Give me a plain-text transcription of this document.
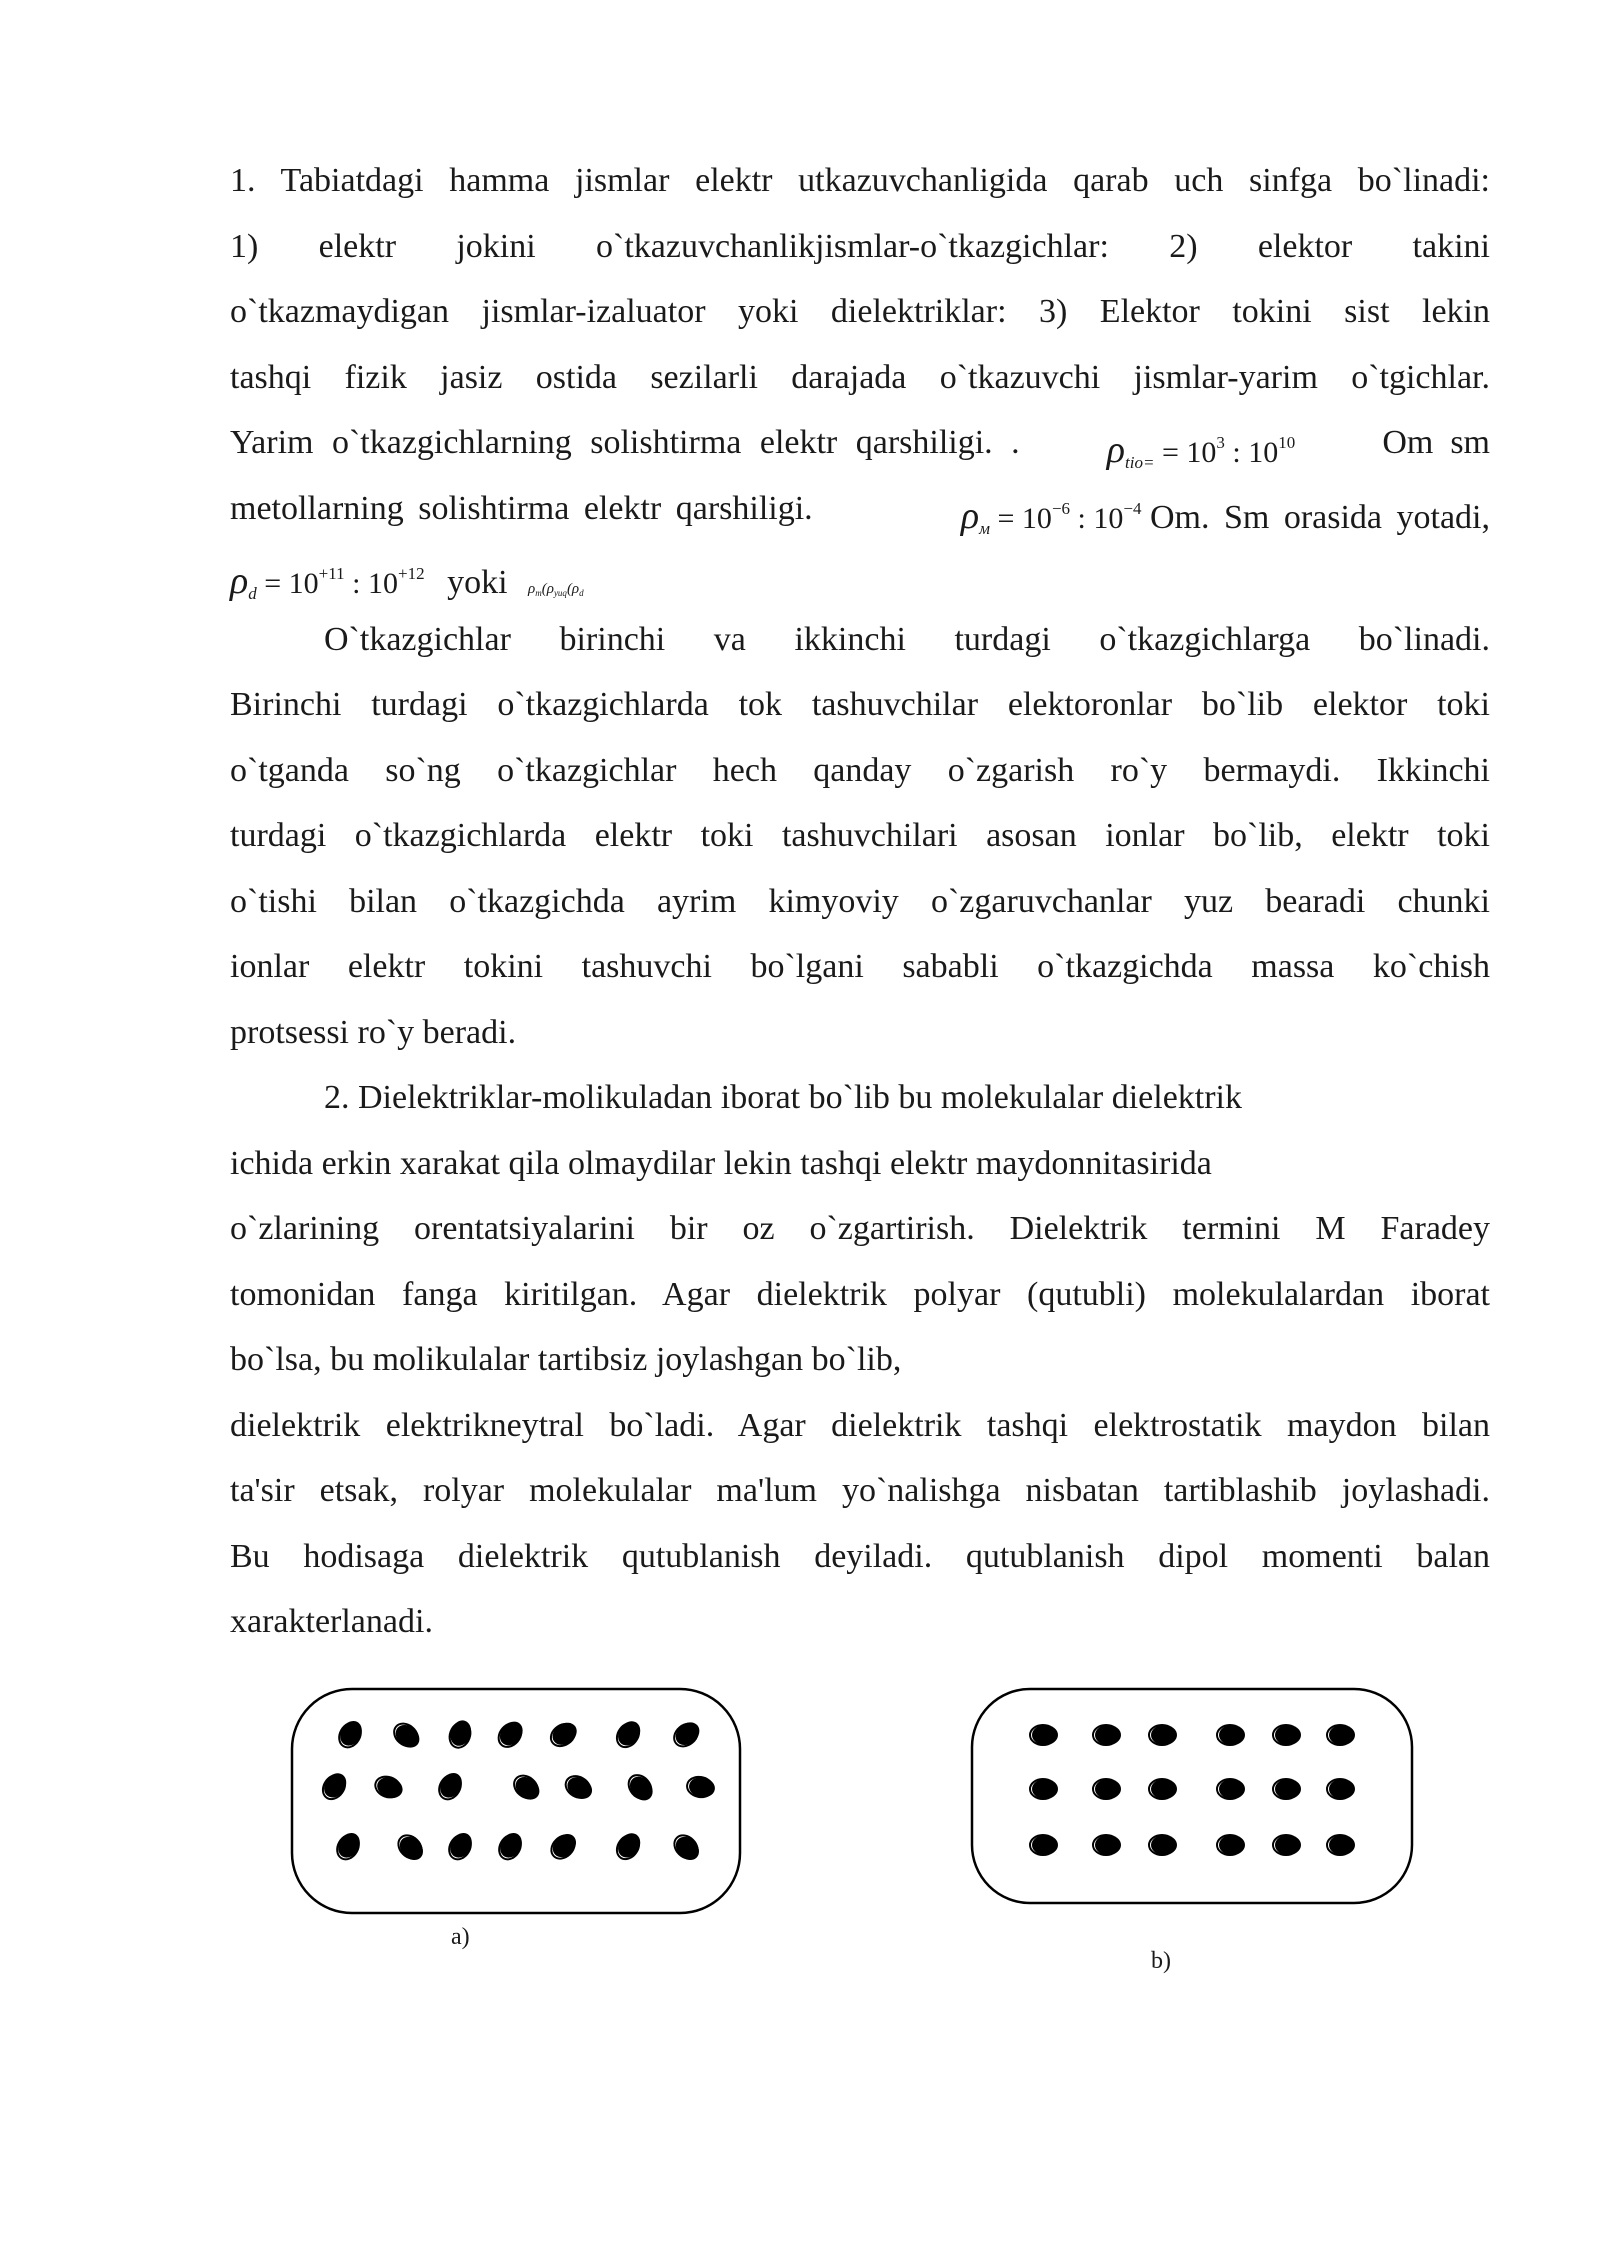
1. Tabiatdagi hamma jismlar elektr utkazuvchanligida qarab uch sinfga bo`linadi:
1) elektr jokini o`tkazuvchanlikjismlar-o`tkazgichlar: 2) elektor takini
o`tkazmaydigan jismlar-izaluator yoki dielektriklar: 3) Elektor tokini sist lekin
tashqi fizik jasiz ostida sezilarli darajada o`tkazuvchi jismlar-yarim o`tgichlar.
Yarim o`tkazgichlarning solishtirma elektr qarshiligi. . $\rho_{tio=} = 10^3$ : $10^{10}$	Om  sm
metollarning solishtirma elektr qarshiligi.	$\rho_м = 10^{-6}$ : $10^{-4}$ Om. Sm orasida yotadi,
$\rho_d = 10^{+11}$ : $10^{+12}$ yoki $\rho_m(\rho_{yuq}(\rho_d$
O`tkazgichlar birinchi va ikkinchi turdagi o`tkazgichlarga bo`linadi.
Birinchi turdagi o`tkazgichlarda tok tashuvchilar elektoronlar bo`lib elektor toki
o`tganda so`ng o`tkazgichlar hech qanday o`zgarish ro`y bermaydi. Ikkinchi
turdagi o`tkazgichlarda elektr toki tashuvchilari asosan ionlar bo`lib, elektr toki
o`tishi bilan o`tkazgichda ayrim kimyoviy o`zgaruvchanlar yuz bearadi chunki
ionlar elektr tokini tashuvchi bo`lgani sababli o`tkazgichda massa ko`chish
protsessi ro`y beradi.
2. Dielektriklar-molikuladan iborat bo`lib bu molekulalar dielektrik
ichida erkin xarakat qila olmaydilar lekin tashqi elektr maydonnitasirida
o`zlarining orentatsiyalarini bir oz o`zgartirish. Dielektrik termini M Faradey
tomonidan fanga kiritilgan. Agar dielektrik polyar (qutubli) molekulalardan iborat
bo`lsa, bu molikulalar tartibsiz joylashgan bo`lib,
dielektrik elektrikneytral bo`ladi. Agar dielektrik tashqi elektrostatik maydon bilan
ta'sir etsak, rolyar molekulalar ma'lum yo`nalishga nisbatan tartiblashib joylashadi.
Bu hodisaga dielektrik qutublanish deyiladi. qutublanish dipol momenti balan
xarakterlanadi.
a)
b)
